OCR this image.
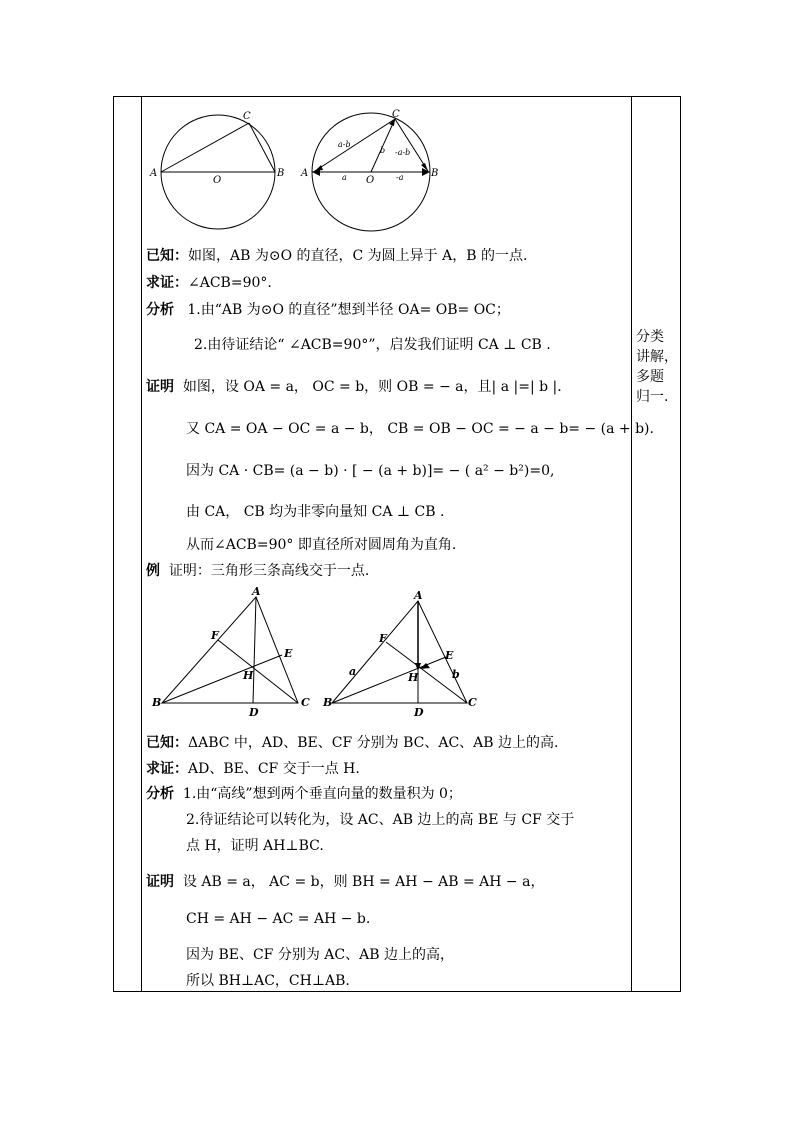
分类
讲解，
多题
归一.
A	B
C
O
A	B
C
O
a-b
b -a-b
a	-a
已知：如图，AB 为⊙O 的直径，C 为圆上异于 A，B 的一点.
求证：∠ACB=90°.
分析 1.由“AB 为⊙O 的直径”想到半径 OA= OB= OC；
2.由待证结论“ ∠ACB=90°”，启发我们证明 CA ⊥ CB .
证明 如图，设 OA = a， OC = b，则 OB = − a，且| a |=| b |.
又 CA = OA − OC = a − b， CB = OB − OC = − a − b= − (a + b).
因为 CA · CB= (a − b) · [ − (a + b)]= − ( a² − b²)=0,
由 CA， CB 均为非零向量知 CA ⊥ CB .
从而∠ACB=90° 即直径所对圆周角为直角.
例 证明：三角形三条高线交于一点.
A
B	C
D
E
F
H
A
B	C
D
E
F
H
a	b
已知：ΔABC 中，AD、BE、CF 分别为 BC、AC、AB 边上的高.
求证：AD、BE、CF 交于一点 H.
分析 1.由“高线”想到两个垂直向量的数量积为 0；
2.待证结论可以转化为，设 AC、AB 边上的高 BE 与 CF 交于
点 H，证明 AH⊥BC.
证明 设 AB = a， AC = b，则 BH = AH − AB = AH − a，
CH = AH − AC = AH − b.
因为 BE、CF 分别为 AC、AB 边上的高，
所以 BH⊥AC，CH⊥AB.
